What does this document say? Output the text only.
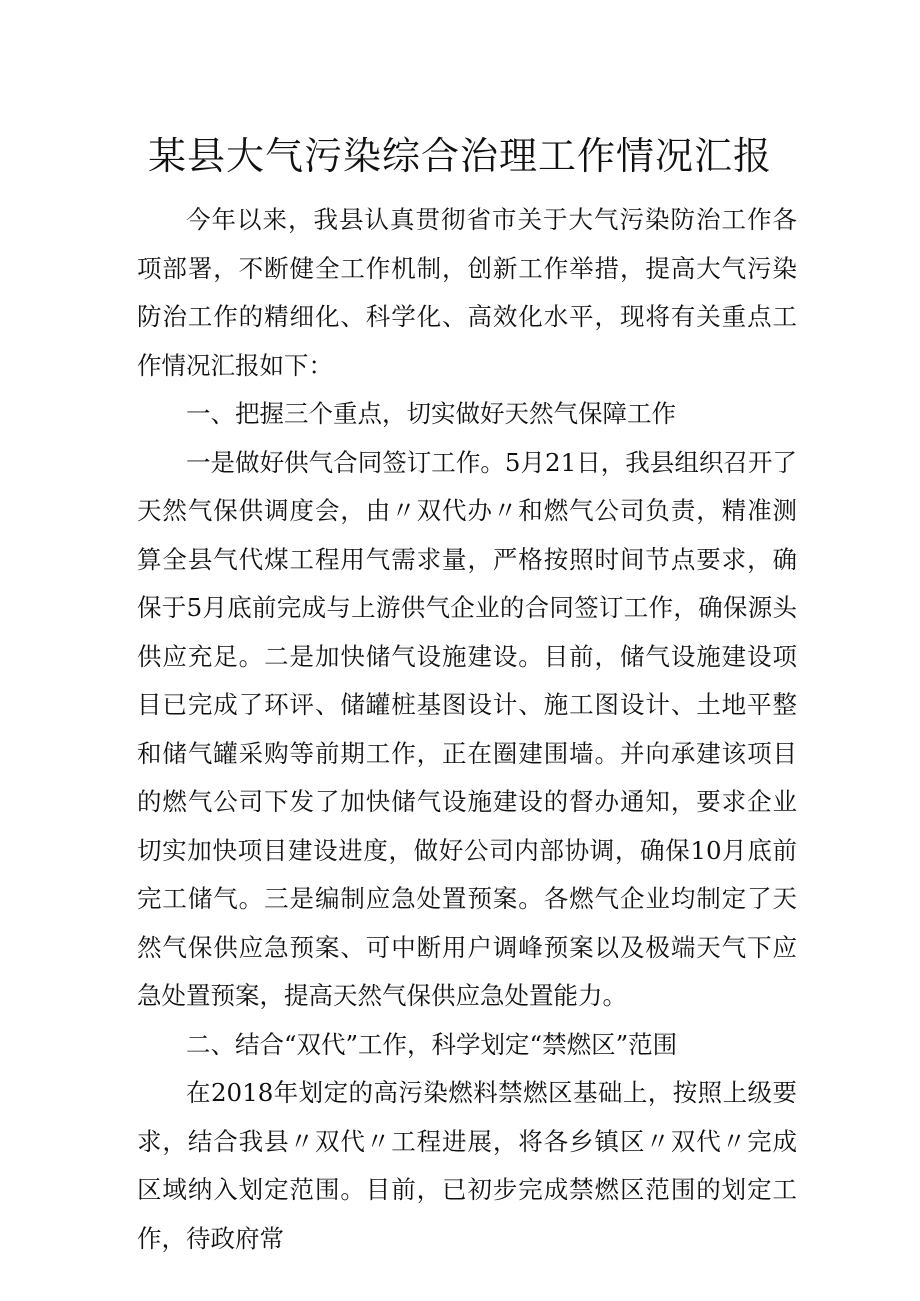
某县大气污染综合治理工作情况汇报

今年以来，我县认真贯彻省市关于大气污染防治工作各项部署，不断健全工作机制，创新工作举措，提高大气污染防治工作的精细化、科学化、高效化水平，现将有关重点工作情况汇报如下：

一、把握三个重点，切实做好天然气保障工作

一是做好供气合同签订工作。5月21日，我县组织召开了天然气保供调度会，由〃双代办〃和燃气公司负责，精准测算全县气代煤工程用气需求量，严格按照时间节点要求，确保于5月底前完成与上游供气企业的合同签订工作，确保源头供应充足。二是加快储气设施建设。目前，储气设施建设项目已完成了环评、储罐桩基图设计、施工图设计、土地平整和储气罐采购等前期工作，正在圈建围墙。并向承建该项目的燃气公司下发了加快储气设施建设的督办通知，要求企业切实加快项目建设进度，做好公司内部协调，确保10月底前完工储气。三是编制应急处置预案。各燃气企业均制定了天然气保供应急预案、可中断用户调峰预案以及极端天气下应急处置预案，提高天然气保供应急处置能力。

二、结合“双代”工作，科学划定“禁燃区”范围

在2018年划定的高污染燃料禁燃区基础上，按照上级要求，结合我县〃双代〃工程进展，将各乡镇区〃双代〃完成区域纳入划定范围。目前，已初步完成禁燃区范围的划定工作，待政府常
